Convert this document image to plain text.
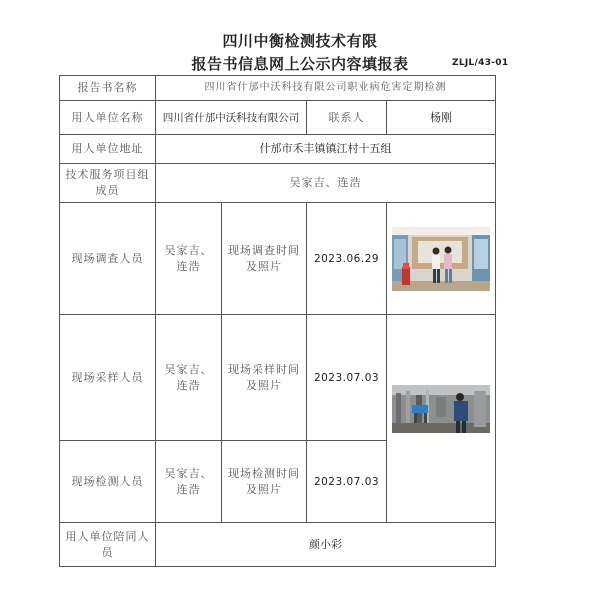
四川中衡检测技术有限
报告书信息网上公示内容填报表	ZLJL/43-01
报告书名称	四川省什邡中沃科技有限公司职业病危害定期检测			
用人单位名称	四川省什邡中沃科技有限公司		联系人	杨刚
用人单位地址	什邡市禾丰镇镇江村十五组			
技术服务项目组成员	吴家吉、连浩			
现场调查人员	吴家吉、连浩	现场调查时间及照片	2023.06.29	

现场采样人员	吴家吉、连浩	现场采样时间及照片	2023.07.03	

现场检测人员	吴家吉、连浩	现场检测时间及照片	2023.07.03	
用人单位陪同人员	颜小彩			
